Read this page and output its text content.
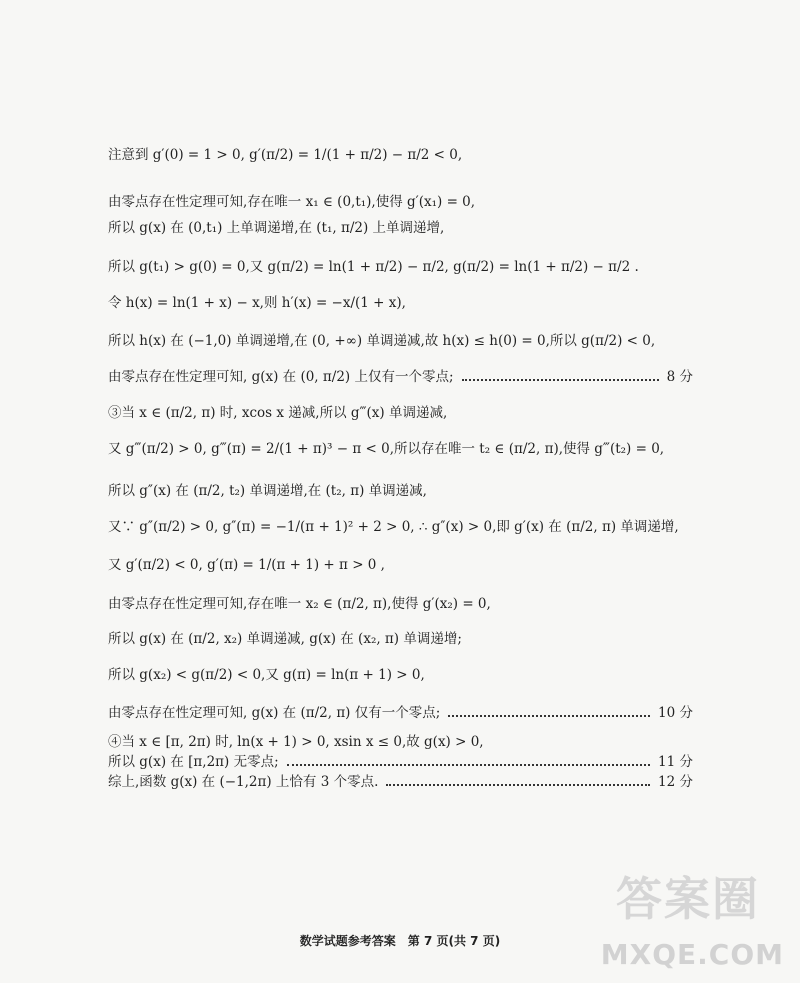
注意到 g′(0) = 1 > 0, g′(π/2) = 1/(1 + π/2) − π/2 < 0,
由零点存在性定理可知,存在唯一 x₁ ∈ (0,t₁),使得 g′(x₁) = 0,
所以 g(x) 在 (0,t₁) 上单调递增,在 (t₁, π/2) 上单调递增,
所以 g(t₁) > g(0) = 0,又 g(π/2) = ln(1 + π/2) − π/2, g(π/2) = ln(1 + π/2) − π/2 .
令 h(x) = ln(1 + x) − x,则 h′(x) = −x/(1 + x),
所以 h(x) 在 (−1,0) 单调递增,在 (0, +∞) 单调递减,故 h(x) ≤ h(0) = 0,所以 g(π/2) < 0,
由零点存在性定理可知, g(x) 在 (0, π/2) 上仅有一个零点;	8 分
③当 x ∈ (π/2, π) 时, xcos x 递减,所以 g‴(x) 单调递减,
又 g‴(π/2) > 0, g‴(π) = 2/(1 + π)³ − π < 0,所以存在唯一 t₂ ∈ (π/2, π),使得 g‴(t₂) = 0,
所以 g″(x) 在 (π/2, t₂) 单调递增,在 (t₂, π) 单调递减,
又∵ g″(π/2) > 0, g″(π) = −1/(π + 1)² + 2 > 0, ∴ g″(x) > 0,即 g′(x) 在 (π/2, π) 单调递增,
又 g′(π/2) < 0, g′(π) = 1/(π + 1) + π > 0 ,
由零点存在性定理可知,存在唯一 x₂ ∈ (π/2, π),使得 g′(x₂) = 0,
所以 g(x) 在 (π/2, x₂) 单调递减, g(x) 在 (x₂, π) 单调递增;
所以 g(x₂) < g(π/2) < 0,又 g(π) = ln(π + 1) > 0,
由零点存在性定理可知, g(x) 在 (π/2, π) 仅有一个零点;	10 分
④当 x ∈ [π, 2π) 时, ln(x + 1) > 0, xsin x ≤ 0,故 g(x) > 0,
所以 g(x) 在 [π,2π) 无零点;	11 分
综上,函数 g(x) 在 (−1,2π) 上恰有 3 个零点.	12 分
数学试题参考答案　第 7 页(共 7 页)
答案圈
MXQE.COM
